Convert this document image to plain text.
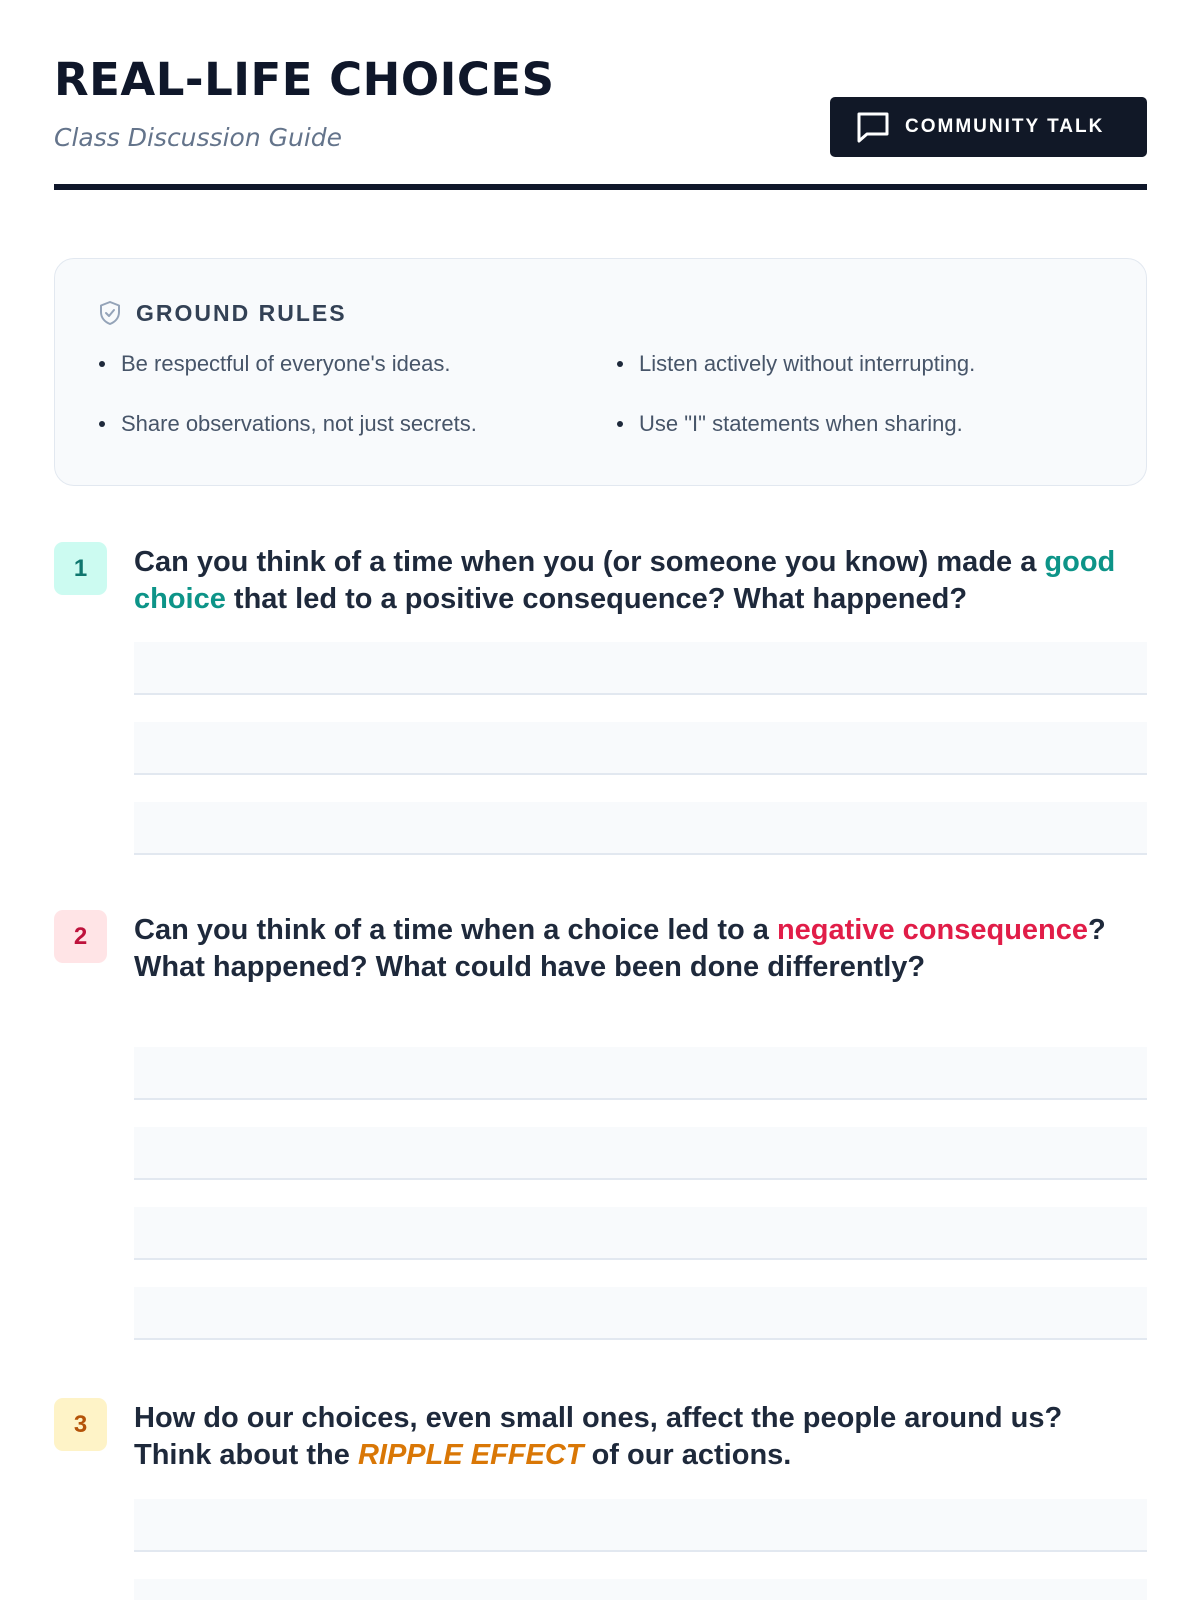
REAL-LIFE CHOICES
Class Discussion Guide	COMMUNITY TALK
GROUND RULES
Be respectful of everyone's ideas.	Listen actively without interrupting.
Share observations, not just secrets.	Use "I" statements when sharing.
1	Can you think of a time when you (or someone you know) made a good choice that led to a positive consequence? What happened?
2	Can you think of a time when a choice led to a negative consequence? What happened? What could have been done differently?
3	How do our choices, even small ones, affect the people around us? Think about the RIPPLE EFFECT of our actions.
